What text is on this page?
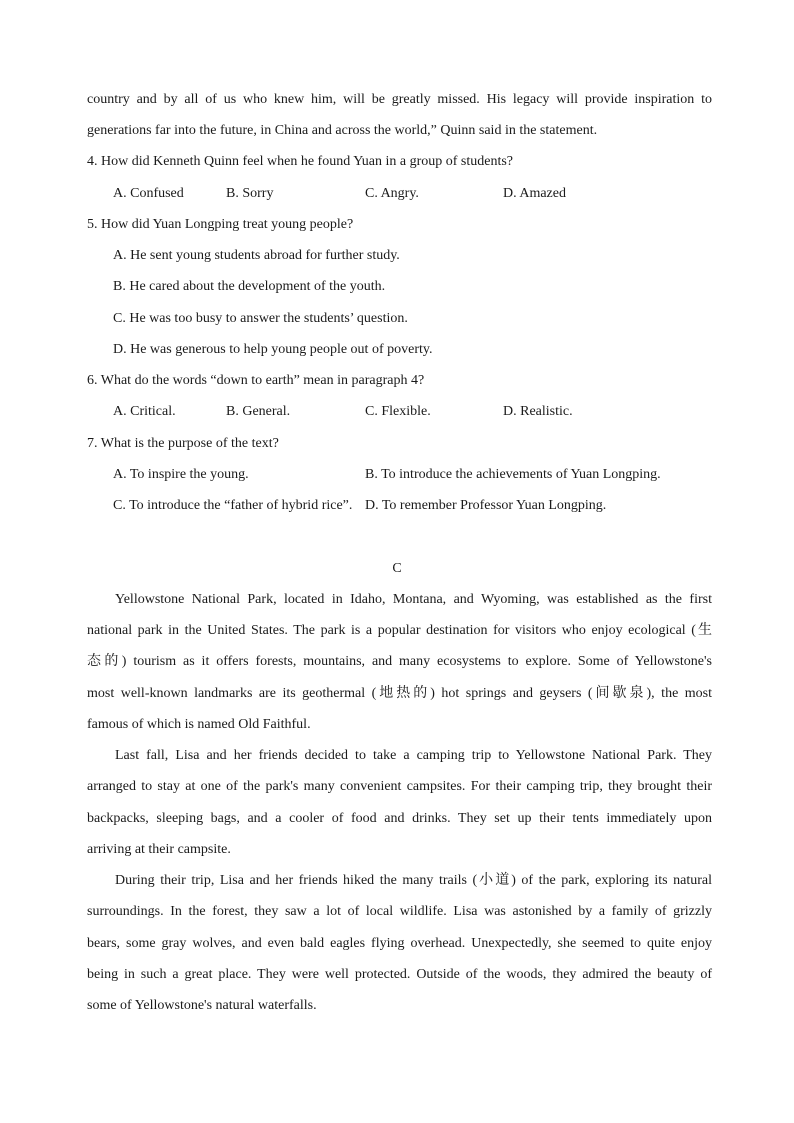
country and by all of us who knew him, will be greatly missed. His legacy will provide inspiration to
generations far into the future, in China and across the world,” Quinn said in the statement.
4. How did Kenneth Quinn feel when he found Yuan in a group of students?
A. Confused	B. Sorry	C. Angry.	D. Amazed
5. How did Yuan Longping treat young people?
A. He sent young students abroad for further study.
B. He cared about the development of the youth.
C. He was too busy to answer the students’ question.
D. He was generous to help young people out of poverty.
6. What do the words “down to earth” mean in paragraph 4?
A. Critical.	B. General.	C. Flexible.	D. Realistic.
7. What is the purpose of the text?
A. To inspire the young.	B. To introduce the achievements of Yuan Longping.
C. To introduce the “father of hybrid rice”. D. To remember Professor Yuan Longping.
C
Yellowstone National Park, located in Idaho, Montana, and Wyoming, was established as the first
national park in the United States. The park is a popular destination for visitors who enjoy ecological (生
态的) tourism as it offers forests, mountains, and many ecosystems to explore. Some of Yellowstone's
most well-known landmarks are its geothermal (地热的) hot springs and geysers (间歇泉), the most
famous of which is named Old Faithful.
Last fall, Lisa and her friends decided to take a camping trip to Yellowstone National Park. They
arranged to stay at one of the park's many convenient campsites. For their camping trip, they brought their
backpacks, sleeping bags, and a cooler of food and drinks. They set up their tents immediately upon
arriving at their campsite.
During their trip, Lisa and her friends hiked the many trails (小道) of the park, exploring its natural
surroundings. In the forest, they saw a lot of local wildlife. Lisa was astonished by a family of grizzly
bears, some gray wolves, and even bald eagles flying overhead. Unexpectedly, she seemed to quite enjoy
being in such a great place. They were well protected. Outside of the woods, they admired the beauty of
some of Yellowstone's natural waterfalls.
